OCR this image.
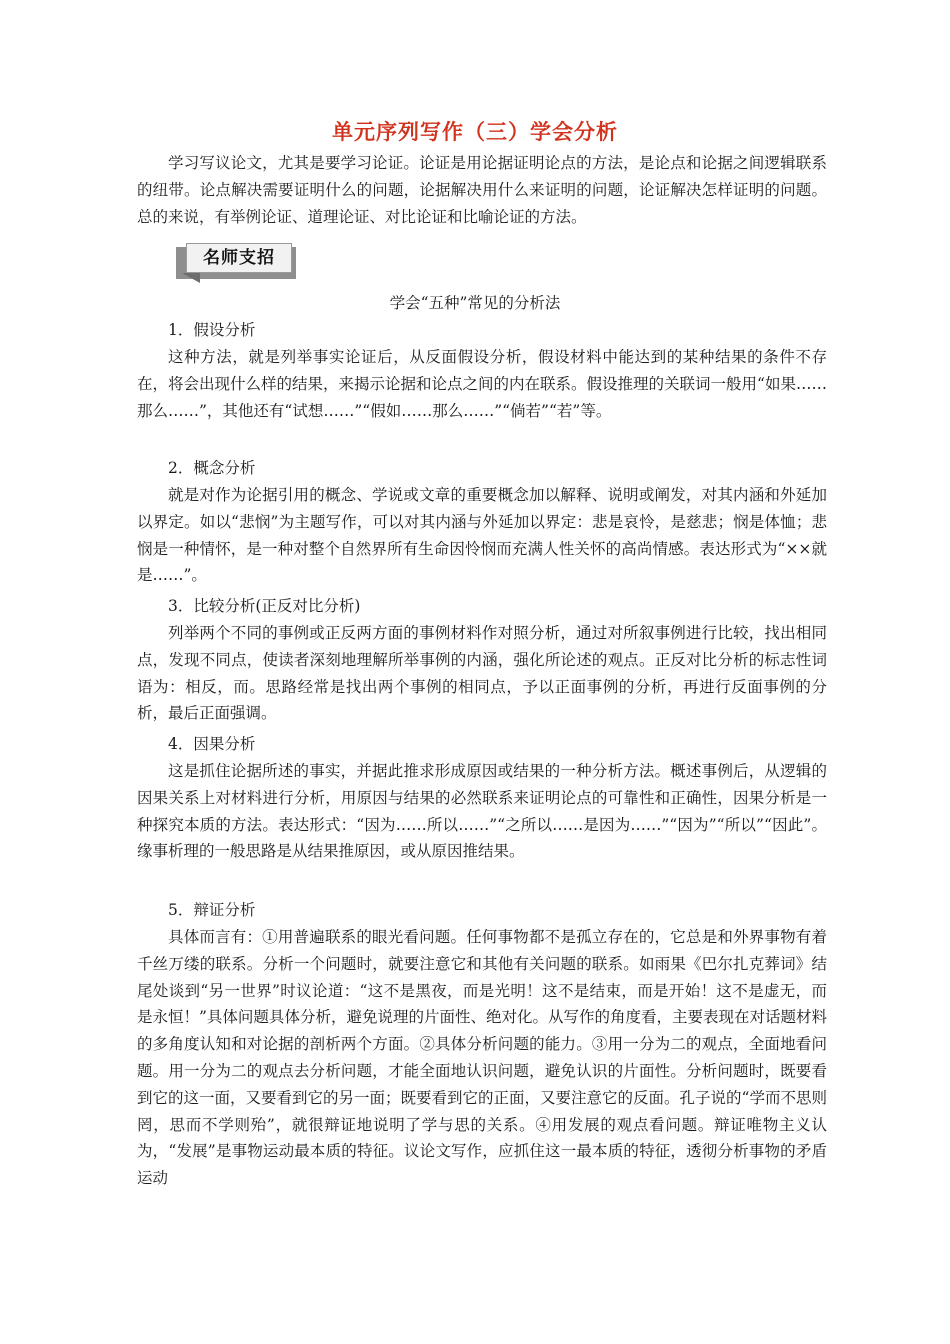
单元序列写作（三）学会分析

学习写议论文，尤其是要学习论证。论证是用论据证明论点的方法，是论点和论据之间逻辑联系的纽带。论点解决需要证明什么的问题，论据解决用什么来证明的问题，论证解决怎样证明的问题。总的来说，有举例论证、道理论证、对比论证和比喻论证的方法。

名师支招
学会“五种”常见的分析法
1．假设分析

这种方法，就是列举事实论证后，从反面假设分析，假设材料中能达到的某种结果的条件不存在，将会出现什么样的结果，来揭示论据和论点之间的内在联系。假设推理的关联词一般用“如果……那么……”，其他还有“试想……”“假如……那么……”“倘若”“若”等。

2．概念分析

就是对作为论据引用的概念、学说或文章的重要概念加以解释、说明或阐发，对其内涵和外延加以界定。如以“悲悯”为主题写作，可以对其内涵与外延加以界定：悲是哀怜，是慈悲；悯是体恤；悲悯是一种情怀，是一种对整个自然界所有生命因怜悯而充满人性关怀的高尚情感。表达形式为“××就是……”。

3．比较分析(正反对比分析)

列举两个不同的事例或正反两方面的事例材料作对照分析，通过对所叙事例进行比较，找出相同点，发现不同点，使读者深刻地理解所举事例的内涵，强化所论述的观点。正反对比分析的标志性词语为：相反，而。思路经常是找出两个事例的相同点，予以正面事例的分析，再进行反面事例的分析，最后正面强调。

4．因果分析

这是抓住论据所述的事实，并据此推求形成原因或结果的一种分析方法。概述事例后，从逻辑的因果关系上对材料进行分析，用原因与结果的必然联系来证明论点的可靠性和正确性，因果分析是一种探究本质的方法。表达形式：“因为……所以……”“之所以……是因为……”“因为”“所以”“因此”。缘事析理的一般思路是从结果推原因，或从原因推结果。

5．辩证分析

具体而言有：①用普遍联系的眼光看问题。任何事物都不是孤立存在的，它总是和外界事物有着千丝万缕的联系。分析一个问题时，就要注意它和其他有关问题的联系。如雨果《巴尔扎克葬词》结尾处谈到“另一世界”时议论道：“这不是黑夜，而是光明！这不是结束，而是开始！这不是虚无，而是永恒！”具体问题具体分析，避免说理的片面性、绝对化。从写作的角度看，主要表现在对话题材料的多角度认知和对论据的剖析两个方面。②具体分析问题的能力。③用一分为二的观点，全面地看问题。用一分为二的观点去分析问题，才能全面地认识问题，避免认识的片面性。分析问题时，既要看到它的这一面，又要看到它的另一面；既要看到它的正面，又要注意它的反面。孔子说的“学而不思则罔，思而不学则殆”，就很辩证地说明了学与思的关系。④用发展的观点看问题。辩证唯物主义认为，“发展”是事物运动最本质的特征。议论文写作，应抓住这一最本质的特征，透彻分析事物的矛盾运动
